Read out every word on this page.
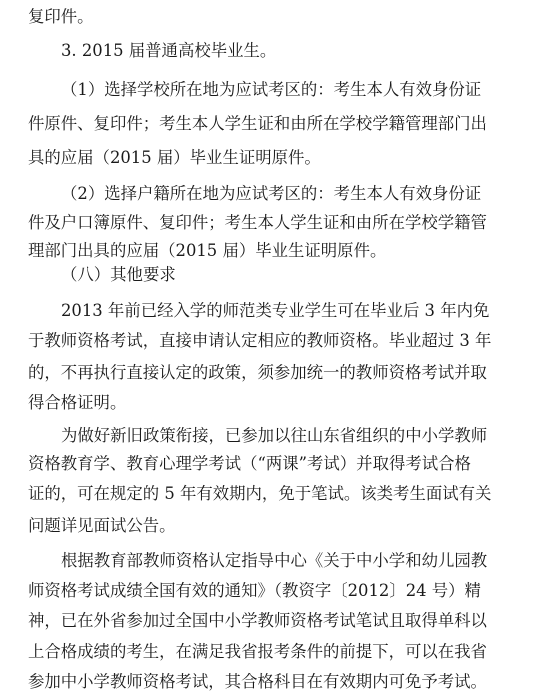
复印件。
3. 2015 届普通高校毕业生。
（1）选择学校所在地为应试考区的：考生本人有效身份证
件原件、复印件；考生本人学生证和由所在学校学籍管理部门出
具的应届（2015 届）毕业生证明原件。
（2）选择户籍所在地为应试考区的：考生本人有效身份证
件及户口簿原件、复印件；考生本人学生证和由所在学校学籍管
理部门出具的应届（2015 届）毕业生证明原件。
（八）其他要求
2013 年前已经入学的师范类专业学生可在毕业后 3 年内免
于教师资格考试，直接申请认定相应的教师资格。毕业超过 3 年
的，不再执行直接认定的政策，须参加统一的教师资格考试并取
得合格证明。
为做好新旧政策衔接，已参加以往山东省组织的中小学教师
资格教育学、教育心理学考试（“两课”考试）并取得考试合格
证的，可在规定的 5 年有效期内，免于笔试。该类考生面试有关
问题详见面试公告。
根据教育部教师资格认定指导中心《关于中小学和幼儿园教
师资格考试成绩全国有效的通知》（教资字〔2012〕24 号）精
神，已在外省参加过全国中小学教师资格考试笔试且取得单科以
上合格成绩的考生，在满足我省报考条件的前提下，可以在我省
参加中小学教师资格考试，其合格科目在有效期内可免予考试。
